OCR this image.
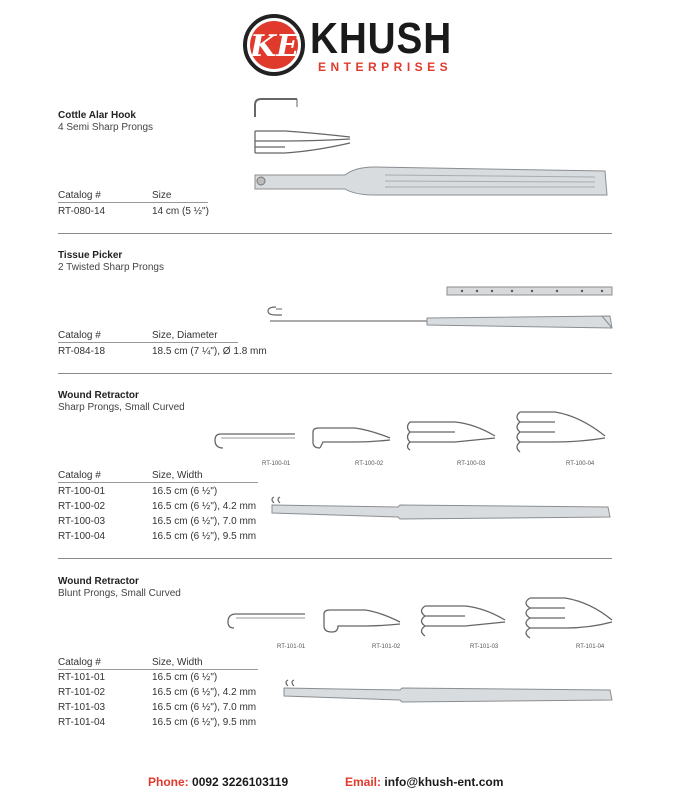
KE KHUSH
ENTERPRISES
Cottle Alar Hook
4 Semi Sharp Prongs
Catalog #	Size
RT-080-14	14 cm (5 ½")
Tissue Picker
2 Twisted Sharp Prongs
Catalog #	Size, Diameter
RT-084-18	18.5 cm (7 ¼"), Ø 1.8 mm
Wound Retractor
Sharp Prongs, Small Curved
RT-100-01	RT-100-02	RT-100-03	RT-100-04
Catalog #	Size, Width
RT-100-01	16.5 cm (6 ½")
RT-100-02	16.5 cm (6 ½"), 4.2 mm
RT-100-03	16.5 cm (6 ½"), 7.0 mm
RT-100-04	16.5 cm (6 ½"), 9.5 mm
Wound Retractor
Blunt Prongs, Small Curved
RT-101-01	RT-101-02	RT-101-03	RT-101-04
Catalog #	Size, Width
RT-101-01	16.5 cm (6 ½")
RT-101-02	16.5 cm (6 ½"), 4.2 mm
RT-101-03	16.5 cm (6 ½"), 7.0 mm
RT-101-04	16.5 cm (6 ½"), 9.5 mm
Phone: 0092 3226103119	Email: info@khush-ent.com
